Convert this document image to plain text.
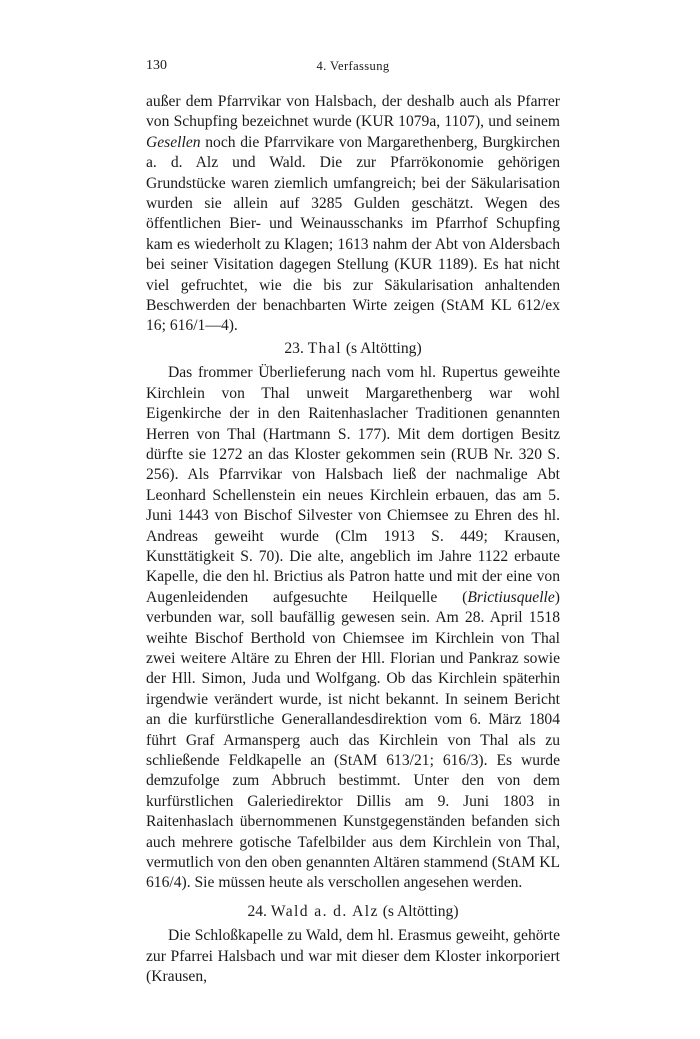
130	4. Verfassung

außer dem Pfarrvikar von Halsbach, der deshalb auch als Pfarrer von Schupfing bezeichnet wurde (KUR 1079a, 1107), und seinem Gesellen noch die Pfarrvikare von Margarethenberg, Burgkirchen a. d. Alz und Wald. Die zur Pfarrökonomie gehörigen Grundstücke waren ziemlich umfangreich; bei der Säkularisation wurden sie allein auf 3285 Gulden geschätzt. Wegen des öffentlichen Bier- und Weinausschanks im Pfarrhof Schupfing kam es wiederholt zu Klagen; 1613 nahm der Abt von Aldersbach bei seiner Visitation dagegen Stellung (KUR 1189). Es hat nicht viel gefruchtet, wie die bis zur Säkularisation anhaltenden Beschwerden der benachbarten Wirte zeigen (StAM KL 612/ex 16; 616/1—4).

23. Thal (s Altötting)

Das frommer Überlieferung nach vom hl. Rupertus geweihte Kirchlein von Thal unweit Margarethenberg war wohl Eigenkirche der in den Raitenhaslacher Traditionen genannten Herren von Thal (Hartmann S. 177). Mit dem dortigen Besitz dürfte sie 1272 an das Kloster gekommen sein (RUB Nr. 320 S. 256). Als Pfarrvikar von Halsbach ließ der nachmalige Abt Leonhard Schellenstein ein neues Kirchlein erbauen, das am 5. Juni 1443 von Bischof Silvester von Chiemsee zu Ehren des hl. Andreas geweiht wurde (Clm 1913 S. 449; Krausen, Kunsttätigkeit S. 70). Die alte, angeblich im Jahre 1122 erbaute Kapelle, die den hl. Brictius als Patron hatte und mit der eine von Augenleidenden aufgesuchte Heilquelle (Brictiusquelle) verbunden war, soll baufällig gewesen sein. Am 28. April 1518 weihte Bischof Berthold von Chiemsee im Kirchlein von Thal zwei weitere Altäre zu Ehren der Hll. Florian und Pankraz sowie der Hll. Simon, Juda und Wolfgang. Ob das Kirchlein späterhin irgendwie verändert wurde, ist nicht bekannt. In seinem Bericht an die kurfürstliche Generallandesdirektion vom 6. März 1804 führt Graf Armansperg auch das Kirchlein von Thal als zu schließende Feldkapelle an (StAM 613/21; 616/3). Es wurde demzufolge zum Abbruch bestimmt. Unter den von dem kurfürstlichen Galeriedirektor Dillis am 9. Juni 1803 in Raitenhaslach übernommenen Kunstgegenständen befanden sich auch mehrere gotische Tafelbilder aus dem Kirchlein von Thal, vermutlich von den oben genannten Altären stammend (StAM KL 616/4). Sie müssen heute als verschollen angesehen werden.

24. Wald a. d. Alz (s Altötting)

Die Schloßkapelle zu Wald, dem hl. Erasmus geweiht, gehörte zur Pfarrei Halsbach und war mit dieser dem Kloster inkorporiert (Krausen,
